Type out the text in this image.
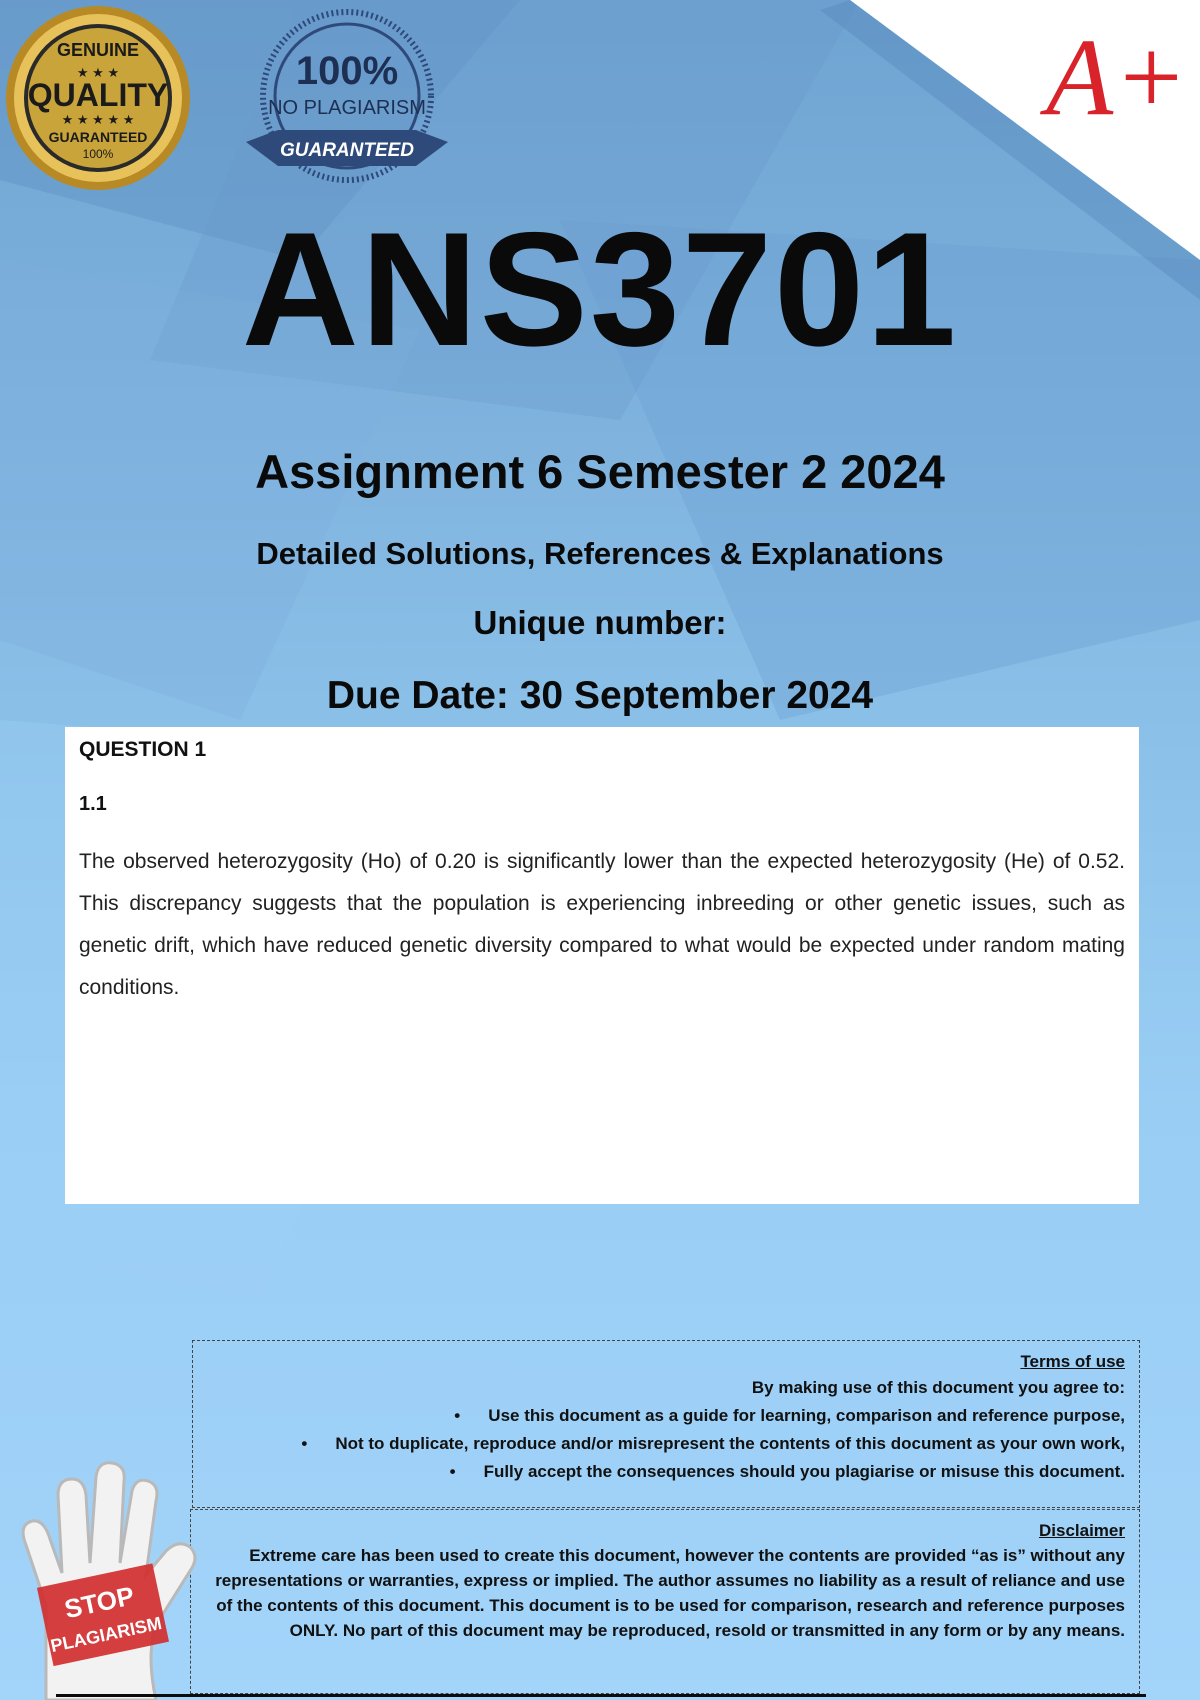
GENUINE
★ ★ ★
QUALITY
★ ★ ★ ★ ★
GUARANTEED
100%
100%
NO PLAGIARISM
GUARANTEED
A+
ANS3701
Assignment 6 Semester 2 2024
Detailed Solutions, References & Explanations
Unique number:
Due Date: 30 September 2024
QUESTION 1
1.1
The observed heterozygosity (Ho) of 0.20 is significantly lower than the expected heterozygosity (He) of 0.52. This discrepancy suggests that the population is experiencing inbreeding or other genetic issues, such as genetic drift, which have reduced genetic diversity compared to what would be expected under random mating conditions.
Terms of use
By making use of this document you agree to:
• Use this document as a guide for learning, comparison and reference purpose,
• Not to duplicate, reproduce and/or misrepresent the contents of this document as your own work,
• Fully accept the consequences should you plagiarise or misuse this document.
Disclaimer
Extreme care has been used to create this document, however the contents are provided “as is” without any representations or warranties, express or implied. The author assumes no liability as a result of reliance and use of the contents of this document. This document is to be used for comparison, research and reference purposes ONLY. No part of this document may be reproduced, resold or transmitted in any form or by any means.
STOP
PLAGIARISM
